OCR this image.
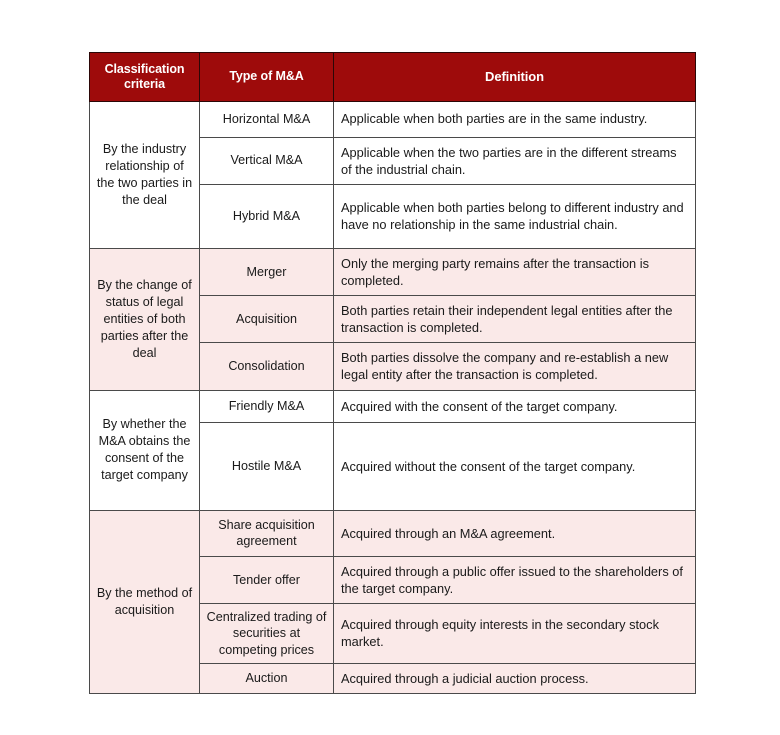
Classification criteria	Type of M&A	Definition
By the industry relationship of the two parties in the deal	Horizontal M&A	Applicable when both parties are in the same industry.
	Vertical M&A	Applicable when the two parties are in the different streams of the industrial chain.
	Hybrid M&A	Applicable when both parties belong to different industry and have no relationship in the same industrial chain.
By the change of status of legal entities of both parties after the deal	Merger	Only the merging party remains after the transaction is completed.
	Acquisition	Both parties retain their independent legal entities after the transaction is completed.
	Consolidation	Both parties dissolve the company and re-establish a new legal entity after the transaction is completed.
By whether the M&A obtains the consent of the target company	Friendly M&A	Acquired with the consent of the target company.
	Hostile M&A	Acquired without the consent of the target company.
By the method of acquisition	Share acquisition agreement	Acquired through an M&A agreement.
	Tender offer	Acquired through a public offer issued to the shareholders of the target company.
	Centralized trading of securities at competing prices	Acquired through equity interests in the secondary stock market.
	Auction	Acquired through a judicial auction process.
